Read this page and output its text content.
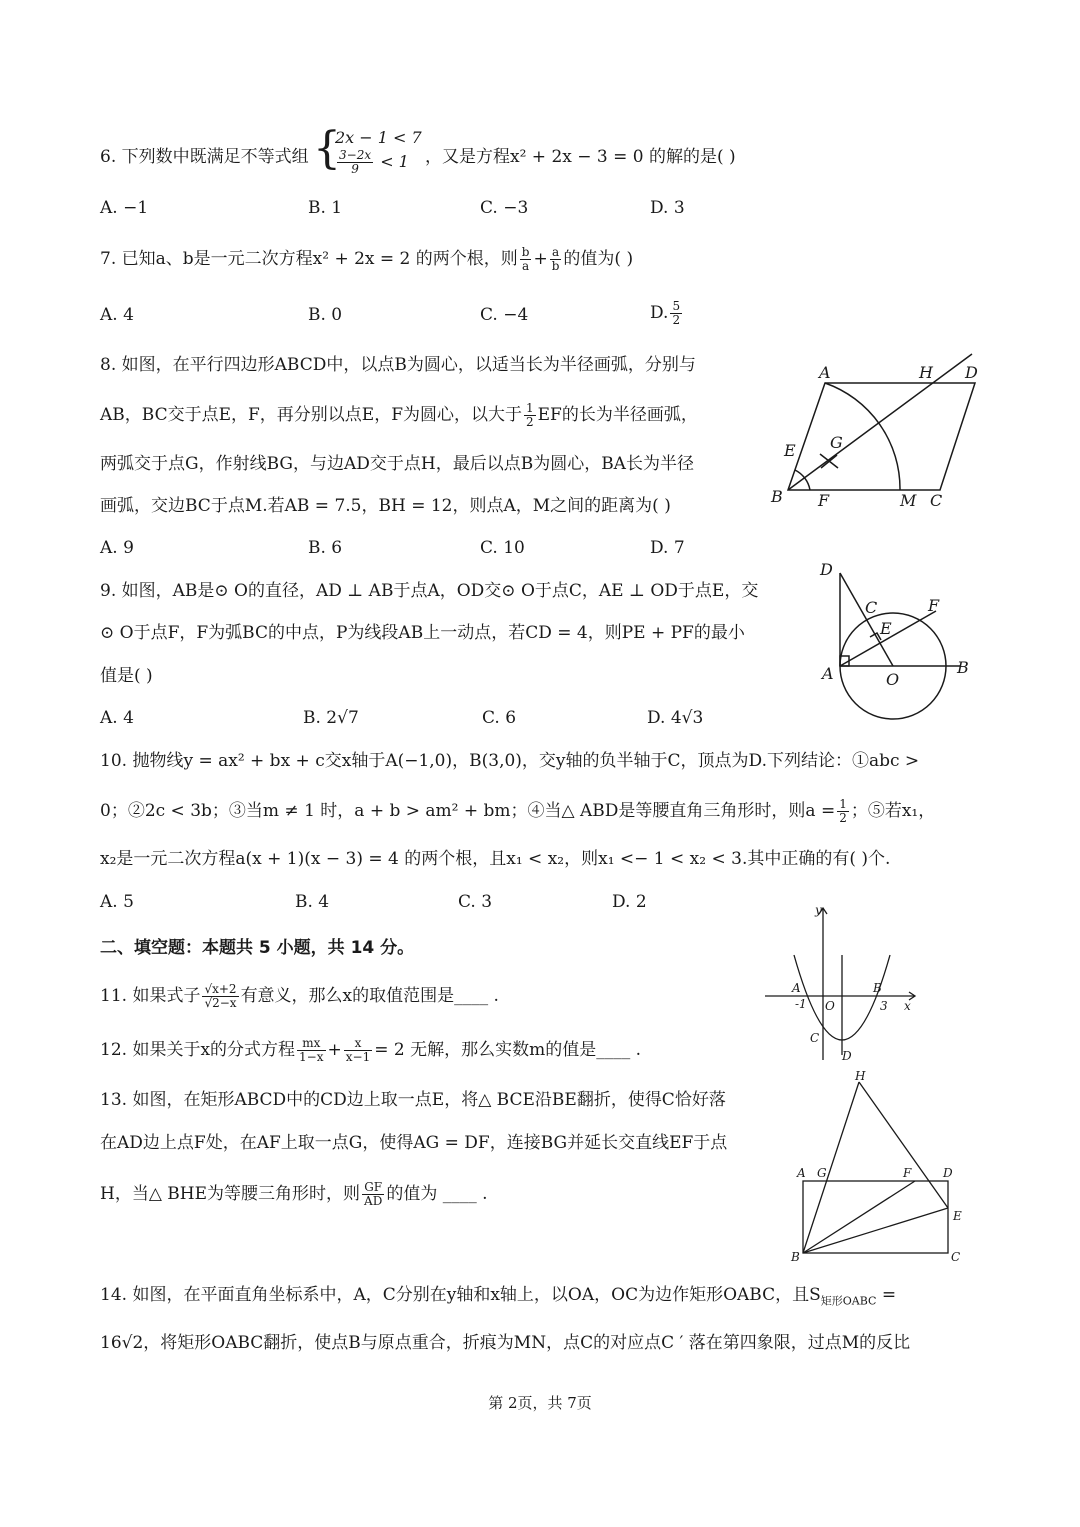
6. 下列数中既满足不等式组 {
2x − 1 < 7
$\frac{3-2x}{9} < 1$ ，又是方程x² + 2x − 3 = 0 的解的是( )
A. −1	B. 1	C. −3	D. 3
7. 已知a、b是一元二次方程x² + 2x = 2 的两个根，则 $\frac{b}{a} + \frac{a}{b}$ 的值为( )
A. 4	B. 0	C. −4	D. $\frac{5}{2}$
8. 如图，在平行四边形ABCD中，以点B为圆心，以适当长为半径画弧，分别与
AB，BC交于点E，F，再分别以点E，F为圆心，以大于 $\frac{1}{2}$ EF的长为半径画弧，
两弧交于点G，作射线BG，与边AD交于点H，最后以点B为圆心，BA长为半径
画弧，交边BC于点M.若AB = 7.5，BH = 12，则点A，M之间的距离为( )
A. 9	B. 6	C. 10	D. 7
A	H D
E G
B F	M C
9. 如图，AB是⊙ O的直径，AD ⊥ AB于点A，OD交⊙ O于点C，AE ⊥ OD于点E，交
⊙ O于点F，F为弧BC的中点，P为线段AB上一动点，若CD = 4，则PE + PF的最小
值是( )
A. 4	B. 2√7	C. 6	D. 4√3
D
C	F
E
A	O
B
10. 抛物线y = ax² + bx + c交x轴于A(−1,0)，B(3,0)，交y轴的负半轴于C，顶点为D.下列结论：①abc >
0；②2c < 3b；③当m ≠ 1 时，a + b > am² + bm；④当△ ABD是等腰直角三角形时，则$a = \frac{1}{2}$ ；⑤若x₁，
x₂是一元二次方程a(x + 1)(x − 3) = 4 的两个根，且x₁ < x₂，则x₁ <− 1 < x₂ < 3.其中正确的有( )个.
A. 5	B. 4	C. 3	D. 2	y
A
-1 O
B
3 x
C
D
二、填空题：本题共 5 小题，共 14 分。
11. 如果式子 $\frac{√x+2}{√2-x}$ 有意义，那么x的取值范围是____ .
12. 如果关于x的分式方程 $\frac{mx}{1-x} + \frac{x}{x-1} = 2$ 无解，那么实数m的值是____ .
13. 如图，在矩形ABCD中的CD边上取一点E，将△ BCE沿BE翻折，使得C恰好落
在AD边上点F处，在AF上取一点G，使得AG = DF，连接BG并延长交直线EF于点
H，当△ BHE为等腰三角形时，则 $\frac{GF}{AD}$ 的值为 ____ .
H
A G	F	D
E
B	C
14. 如图，在平面直角坐标系中，A，C分别在y轴和x轴上，以OA，OC为边作矩形OABC，且$S_{矩形OABC}$ =
16√2，将矩形OABC翻折，使点B与原点重合，折痕为MN，点C的对应点C ′ 落在第四象限，过点M的反比
第 2页，共 7页
